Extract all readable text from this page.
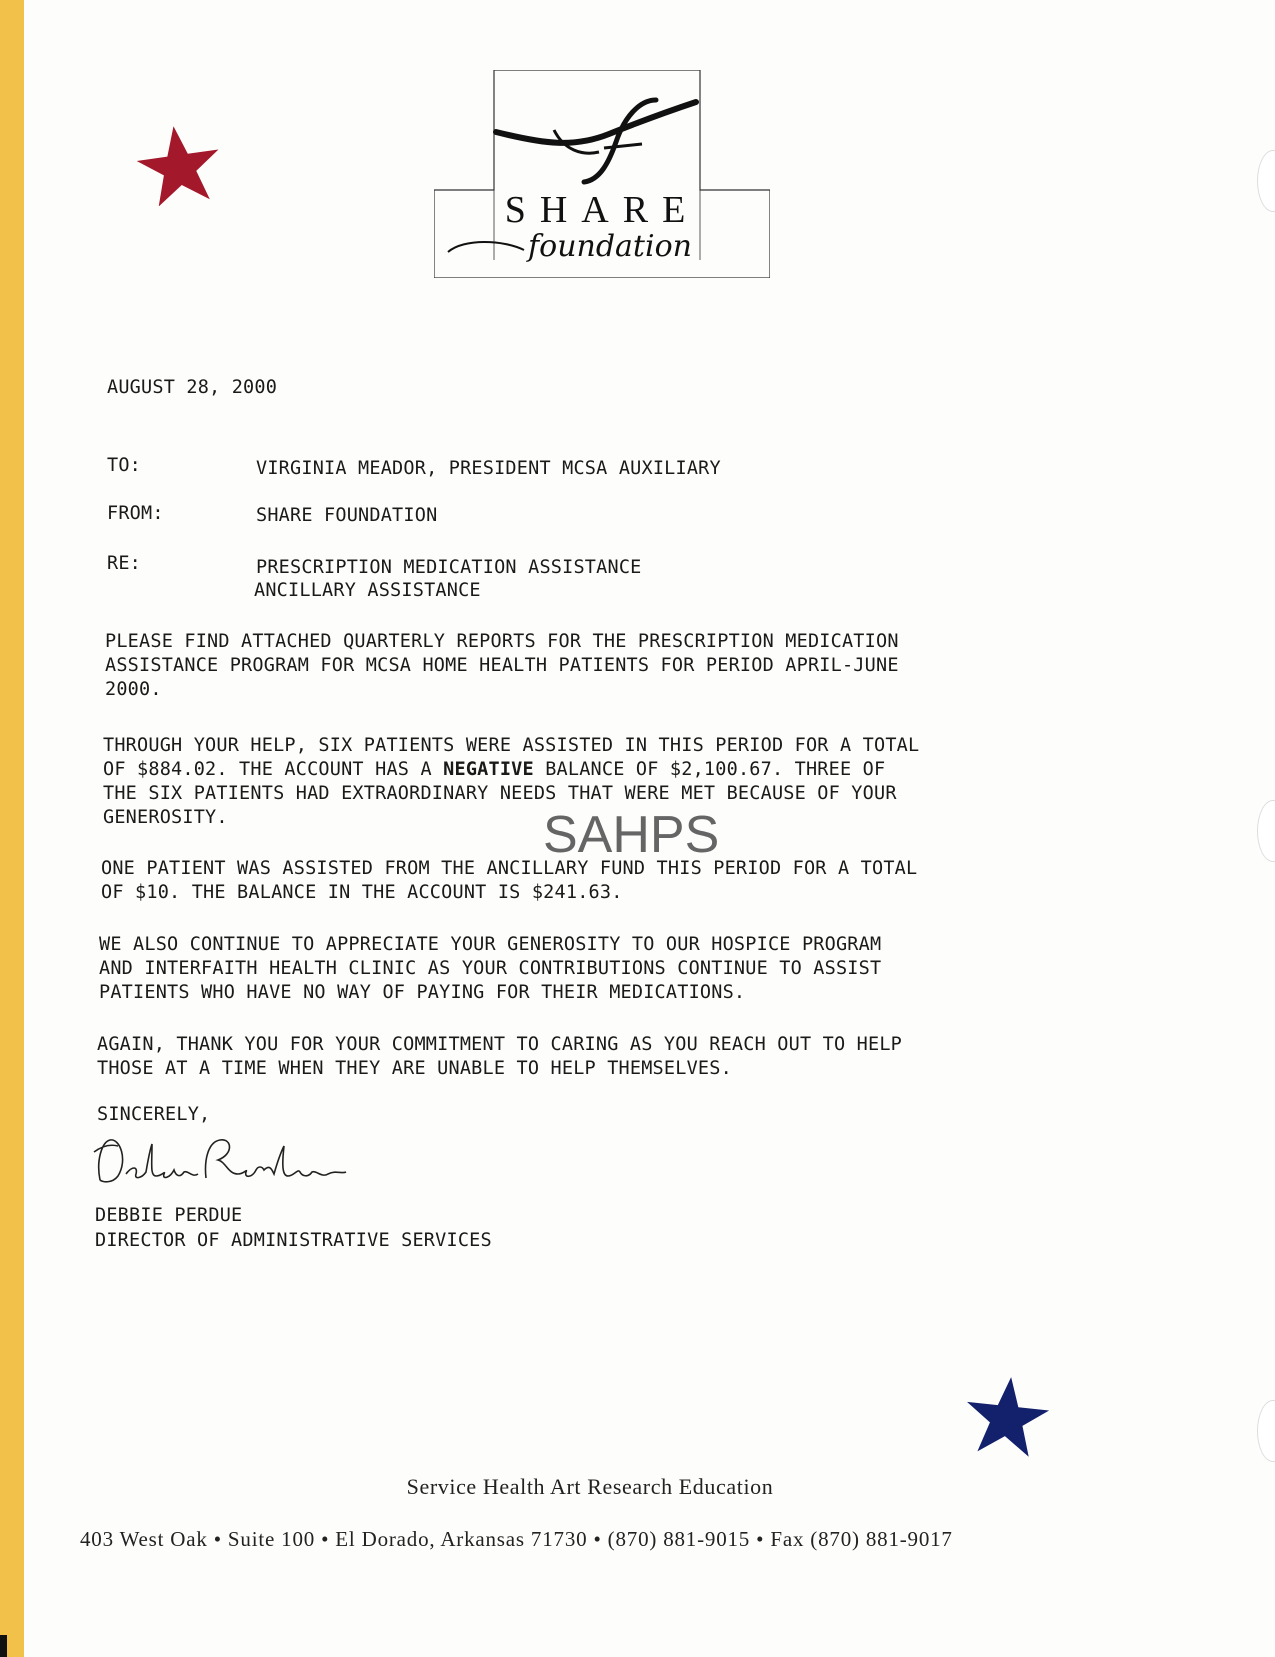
SHARE
foundation
AUGUST 28, 2000
TO:	VIRGINIA MEADOR, PRESIDENT MCSA AUXILIARY
FROM:	SHARE FOUNDATION
RE:	PRESCRIPTION MEDICATION ASSISTANCE
ANCILLARY ASSISTANCE
PLEASE FIND ATTACHED QUARTERLY REPORTS FOR THE PRESCRIPTION MEDICATION
ASSISTANCE PROGRAM FOR MCSA HOME HEALTH PATIENTS FOR PERIOD APRIL-JUNE
2000.
THROUGH YOUR HELP, SIX PATIENTS WERE ASSISTED IN THIS PERIOD FOR A TOTAL
OF $884.02. THE ACCOUNT HAS A NEGATIVE BALANCE OF $2,100.67. THREE OF
THE SIX PATIENTS HAD EXTRAORDINARY NEEDS THAT WERE MET BECAUSE OF YOUR
GENEROSITY.	SAHPS
ONE PATIENT WAS ASSISTED FROM THE ANCILLARY FUND THIS PERIOD FOR A TOTAL
OF $10. THE BALANCE IN THE ACCOUNT IS $241.63.
WE ALSO CONTINUE TO APPRECIATE YOUR GENEROSITY TO OUR HOSPICE PROGRAM
AND INTERFAITH HEALTH CLINIC AS YOUR CONTRIBUTIONS CONTINUE TO ASSIST
PATIENTS WHO HAVE NO WAY OF PAYING FOR THEIR MEDICATIONS.
AGAIN, THANK YOU FOR YOUR COMMITMENT TO CARING AS YOU REACH OUT TO HELP
THOSE AT A TIME WHEN THEY ARE UNABLE TO HELP THEMSELVES.
SINCERELY,
DEBBIE PERDUE
DIRECTOR OF ADMINISTRATIVE SERVICES
Service Health Art Research Education
403 West Oak • Suite 100 • El Dorado, Arkansas 71730 • (870) 881-9015 • Fax (870) 881-9017
